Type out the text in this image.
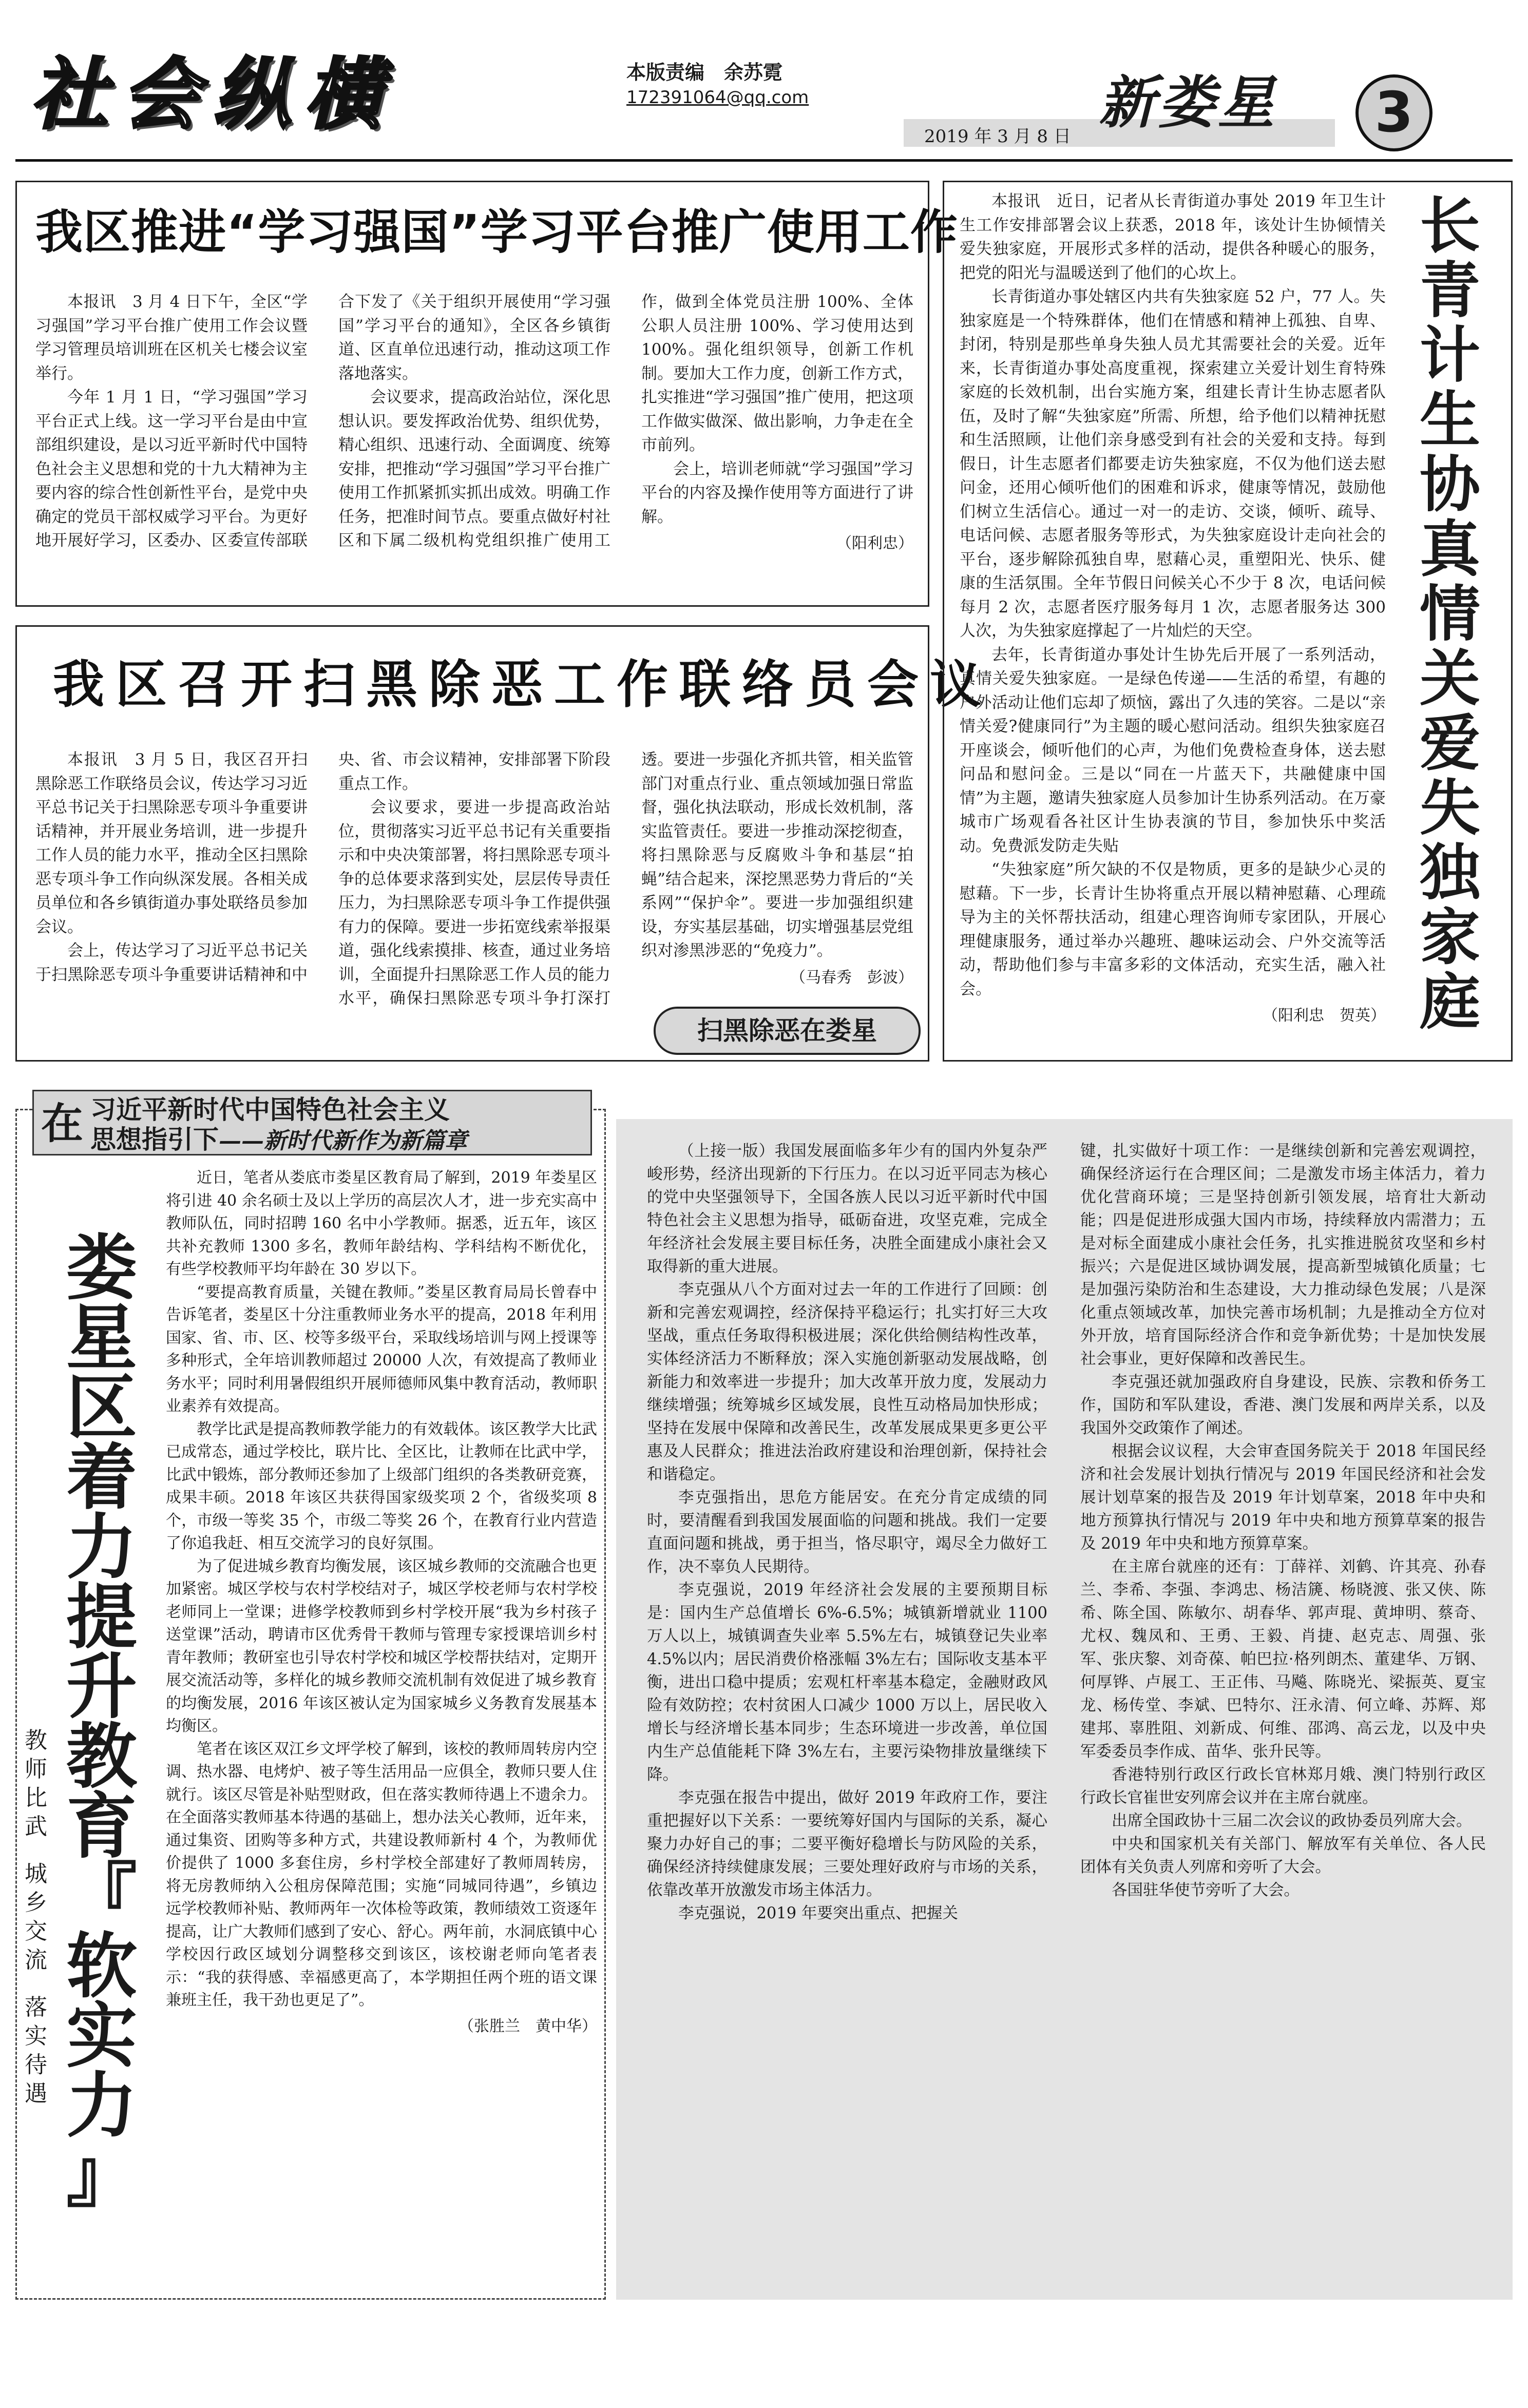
社会纵横	本版责编　余苏霓
172391064@qq.com
2019 年 3 月 8 日
新娄星	3
我区推进“学习强国”学习平台推广使用工作

本报讯　3 月 4 日下午，全区“学习强国”学习平台推广使用工作会议暨学习管理员培训班在区机关七楼会议室举行。

今年 1 月 1 日，“学习强国”学习平台正式上线。这一学习平台是由中宣部组织建设，是以习近平新时代中国特色社会主义思想和党的十九大精神为主要内容的综合性创新性平台，是党中央确定的党员干部权威学习平台。为更好地开展好学习，区委办、区委宣传部联合下发了《关于组织开展使用“学习强国”学习平台的通知》，全区各乡镇街道、区直单位迅速行动，推动这项工作落地落实。

会议要求，提高政治站位，深化思想认识。要发挥政治优势、组织优势，精心组织、迅速行动、全面调度、统筹安排，把推动“学习强国”学习平台推广使用工作抓紧抓实抓出成效。明确工作任务，把准时间节点。要重点做好村社区和下属二级机构党组织推广使用工作，做到全体党员注册 100%、全体公职人员注册 100%、学习使用达到 100%。强化组织领导，创新工作机制。要加大工作力度，创新工作方式，扎实推进“学习强国”推广使用，把这项工作做实做深、做出影响，力争走在全市前列。

会上，培训老师就“学习强国”学习平台的内容及操作使用等方面进行了讲解。

（阳利忠）
我区召开扫黑除恶工作联络员会议

本报讯　3 月 5 日，我区召开扫黑除恶工作联络员会议，传达学习习近平总书记关于扫黑除恶专项斗争重要讲话精神，并开展业务培训，进一步提升工作人员的能力水平，推动全区扫黑除恶专项斗争工作向纵深发展。各相关成员单位和各乡镇街道办事处联络员参加会议。

会上，传达学习了习近平总书记关于扫黑除恶专项斗争重要讲话精神和中央、省、市会议精神，安排部署下阶段重点工作。

会议要求，要进一步提高政治站位，贯彻落实习近平总书记有关重要指示和中央决策部署，将扫黑除恶专项斗争的总体要求落到实处，层层传导责任压力，为扫黑除恶专项斗争工作提供强有力的保障。要进一步拓宽线索举报渠道，强化线索摸排、核查，通过业务培训，全面提升扫黑除恶工作人员的能力水平，确保扫黑除恶专项斗争打深打透。要进一步强化齐抓共管，相关监管部门对重点行业、重点领域加强日常监督，强化执法联动，形成长效机制，落实监管责任。要进一步推动深挖彻查，将扫黑除恶与反腐败斗争和基层“拍蝇”结合起来，深挖黑恶势力背后的“关系网”“保护伞”。要进一步加强组织建设，夯实基层基础，切实增强基层党组织对渗黑涉恶的“免疫力”。

（马春秀　彭波）
扫黑除恶在娄星

本报讯　近日，记者从长青街道办事处 2019 年卫生计生工作安排部署会议上获悉，2018 年，该处计生协倾情关爱失独家庭，开展形式多样的活动，提供各种暖心的服务，把党的阳光与温暖送到了他们的心坎上。

长青街道办事处辖区内共有失独家庭 52 户，77 人。失独家庭是一个特殊群体，他们在情感和精神上孤独、自卑、封闭，特别是那些单身失独人员尤其需要社会的关爱。近年来，长青街道办事处高度重视，探索建立关爱计划生育特殊家庭的长效机制，出台实施方案，组建长青计生协志愿者队伍，及时了解“失独家庭”所需、所想，给予他们以精神抚慰和生活照顾，让他们亲身感受到有社会的关爱和支持。每到假日，计生志愿者们都要走访失独家庭，不仅为他们送去慰问金，还用心倾听他们的困难和诉求，健康等情况，鼓励他们树立生活信心。通过一对一的走访、交谈，倾听、疏导、电话问候、志愿者服务等形式，为失独家庭设计走向社会的平台，逐步解除孤独自卑，慰藉心灵，重塑阳光、快乐、健康的生活氛围。全年节假日问候关心不少于 8 次，电话问候每月 2 次，志愿者医疗服务每月 1 次，志愿者服务达 300 人次，为失独家庭撑起了一片灿烂的天空。

去年，长青街道办事处计生协先后开展了一系列活动，真情关爱失独家庭。一是绿色传递——生活的希望，有趣的户外活动让他们忘却了烦恼，露出了久违的笑容。二是以“亲情关爱?健康同行”为主题的暖心慰问活动。组织失独家庭召开座谈会，倾听他们的心声，为他们免费检查身体，送去慰问品和慰问金。三是以“同在一片蓝天下，共融健康中国情”为主题，邀请失独家庭人员参加计生协系列活动。在万豪城市广场观看各社区计生协表演的节目，参加快乐中奖活动。免费派发防走失贴

“失独家庭”所欠缺的不仅是物质，更多的是缺少心灵的慰藉。下一步，长青计生协将重点开展以精神慰藉、心理疏导为主的关怀帮扶活动，组建心理咨询师专家团队，开展心理健康服务，通过举办兴趣班、趣味运动会、户外交流等活动，帮助他们参与丰富多彩的文体活动，充实生活，融入社会。

（阳利忠　贺英）
长
青
计
生
协
真
情
关
爱
失
独
家
庭
在 习近平新时代中国特色社会主义
思想指引下——新时代新作为新篇章
娄
星
区
着
力
提
升
教
育
『
软
实
力
』
教
师
比
武
城
乡
交
流
落
实
待
遇

近日，笔者从娄底市娄星区教育局了解到，2019 年娄星区将引进 40 余名硕士及以上学历的高层次人才，进一步充实高中教师队伍，同时招聘 160 名中小学教师。据悉，近五年，该区共补充教师 1300 多名，教师年龄结构、学科结构不断优化，有些学校教师平均年龄在 30 岁以下。

“要提高教育质量，关键在教师。”娄星区教育局局长曾春中告诉笔者，娄星区十分注重教师业务水平的提高，2018 年利用国家、省、市、区、校等多级平台，采取线场培训与网上授课等多种形式，全年培训教师超过 20000 人次，有效提高了教师业务水平；同时利用暑假组织开展师德师风集中教育活动，教师职业素养有效提高。

教学比武是提高教师教学能力的有效载体。该区教学大比武已成常态，通过学校比，联片比、全区比，让教师在比武中学，比武中锻炼，部分教师还参加了上级部门组织的各类教研竞赛，成果丰硕。2018 年该区共获得国家级奖项 2 个，省级奖项 8 个，市级一等奖 35 个，市级二等奖 26 个，在教育行业内营造了你追我赶、相互交流学习的良好氛围。

为了促进城乡教育均衡发展，该区城乡教师的交流融合也更加紧密。城区学校与农村学校结对子，城区学校老师与农村学校老师同上一堂课；进修学校教师到乡村学校开展“我为乡村孩子送堂课”活动，聘请市区优秀骨干教师与管理专家授课培训乡村青年教师；教研室也引导农村学校和城区学校帮扶结对，定期开展交流活动等，多样化的城乡教师交流机制有效促进了城乡教育的均衡发展，2016 年该区被认定为国家城乡义务教育发展基本均衡区。

笔者在该区双江乡文坪学校了解到，该校的教师周转房内空调、热水器、电烤炉、被子等生活用品一应俱全，教师只要人住就行。该区尽管是补贴型财政，但在落实教师待遇上不遗余力。在全面落实教师基本待遇的基础上，想办法关心教师，近年来，通过集资、团购等多种方式，共建设教师新村 4 个，为教师优价提供了 1000 多套住房，乡村学校全部建好了教师周转房，将无房教师纳入公租房保障范围；实施“同城同待遇”，乡镇边远学校教师补贴、教师两年一次体检等政策，教师绩效工资逐年提高，让广大教师们感到了安心、舒心。两年前，水洞底镇中心学校因行政区域划分调整移交到该区，该校谢老师向笔者表示：“我的获得感、幸福感更高了，本学期担任两个班的语文课兼班主任，我干劲也更足了”。

（张胜兰　黄中华）

（上接一版）我国发展面临多年少有的国内外复杂严峻形势，经济出现新的下行压力。在以习近平同志为核心的党中央坚强领导下，全国各族人民以习近平新时代中国特色社会主义思想为指导，砥砺奋进，攻坚克难，完成全年经济社会发展主要目标任务，决胜全面建成小康社会又取得新的重大进展。

李克强从八个方面对过去一年的工作进行了回顾：创新和完善宏观调控，经济保持平稳运行；扎实打好三大攻坚战，重点任务取得积极进展；深化供给侧结构性改革，实体经济活力不断释放；深入实施创新驱动发展战略，创新能力和效率进一步提升；加大改革开放力度，发展动力继续增强；统筹城乡区域发展，良性互动格局加快形成；坚持在发展中保障和改善民生，改革发展成果更多更公平惠及人民群众；推进法治政府建设和治理创新，保持社会和谐稳定。

李克强指出，思危方能居安。在充分肯定成绩的同时，要清醒看到我国发展面临的问题和挑战。我们一定要直面问题和挑战，勇于担当，恪尽职守，竭尽全力做好工作，决不辜负人民期待。

李克强说，2019 年经济社会发展的主要预期目标是：国内生产总值增长 6%-6.5%；城镇新增就业 1100 万人以上，城镇调查失业率 5.5%左右，城镇登记失业率 4.5%以内；居民消费价格涨幅 3%左右；国际收支基本平衡，进出口稳中提质；宏观杠杆率基本稳定，金融财政风险有效防控；农村贫困人口减少 1000 万以上，居民收入增长与经济增长基本同步；生态环境进一步改善，单位国内生产总值能耗下降 3%左右，主要污染物排放量继续下降。

李克强在报告中提出，做好 2019 年政府工作，要注重把握好以下关系：一要统筹好国内与国际的关系，凝心聚力办好自己的事；二要平衡好稳增长与防风险的关系，确保经济持续健康发展；三要处理好政府与市场的关系，依靠改革开放激发市场主体活力。

李克强说，2019 年要突出重点、把握关

键，扎实做好十项工作：一是继续创新和完善宏观调控，确保经济运行在合理区间；二是激发市场主体活力，着力优化营商环境；三是坚持创新引领发展，培育壮大新动能；四是促进形成强大国内市场，持续释放内需潜力；五是对标全面建成小康社会任务，扎实推进脱贫攻坚和乡村振兴；六是促进区域协调发展，提高新型城镇化质量；七是加强污染防治和生态建设，大力推动绿色发展；八是深化重点领域改革，加快完善市场机制；九是推动全方位对外开放，培育国际经济合作和竞争新优势；十是加快发展社会事业，更好保障和改善民生。

李克强还就加强政府自身建设，民族、宗教和侨务工作，国防和军队建设，香港、澳门发展和两岸关系，以及我国外交政策作了阐述。

根据会议议程，大会审查国务院关于 2018 年国民经济和社会发展计划执行情况与 2019 年国民经济和社会发展计划草案的报告及 2019 年计划草案，2018 年中央和地方预算执行情况与 2019 年中央和地方预算草案的报告及 2019 年中央和地方预算草案。

在主席台就座的还有：丁薛祥、刘鹤、许其亮、孙春兰、李希、李强、李鸿忠、杨洁篪、杨晓渡、张又侠、陈希、陈全国、陈敏尔、胡春华、郭声琨、黄坤明、蔡奇、尤权、魏凤和、王勇、王毅、肖捷、赵克志、周强、张军、张庆黎、刘奇葆、帕巴拉·格列朗杰、董建华、万钢、何厚铧、卢展工、王正伟、马飚、陈晓光、梁振英、夏宝龙、杨传堂、李斌、巴特尔、汪永清、何立峰、苏辉、郑建邦、辜胜阻、刘新成、何维、邵鸿、高云龙，以及中央军委委员李作成、苗华、张升民等。

香港特别行政区行政长官林郑月娥、澳门特别行政区行政长官崔世安列席会议并在主席台就座。

出席全国政协十三届二次会议的政协委员列席大会。

中央和国家机关有关部门、解放军有关单位、各人民团体有关负责人列席和旁听了大会。

各国驻华使节旁听了大会。
